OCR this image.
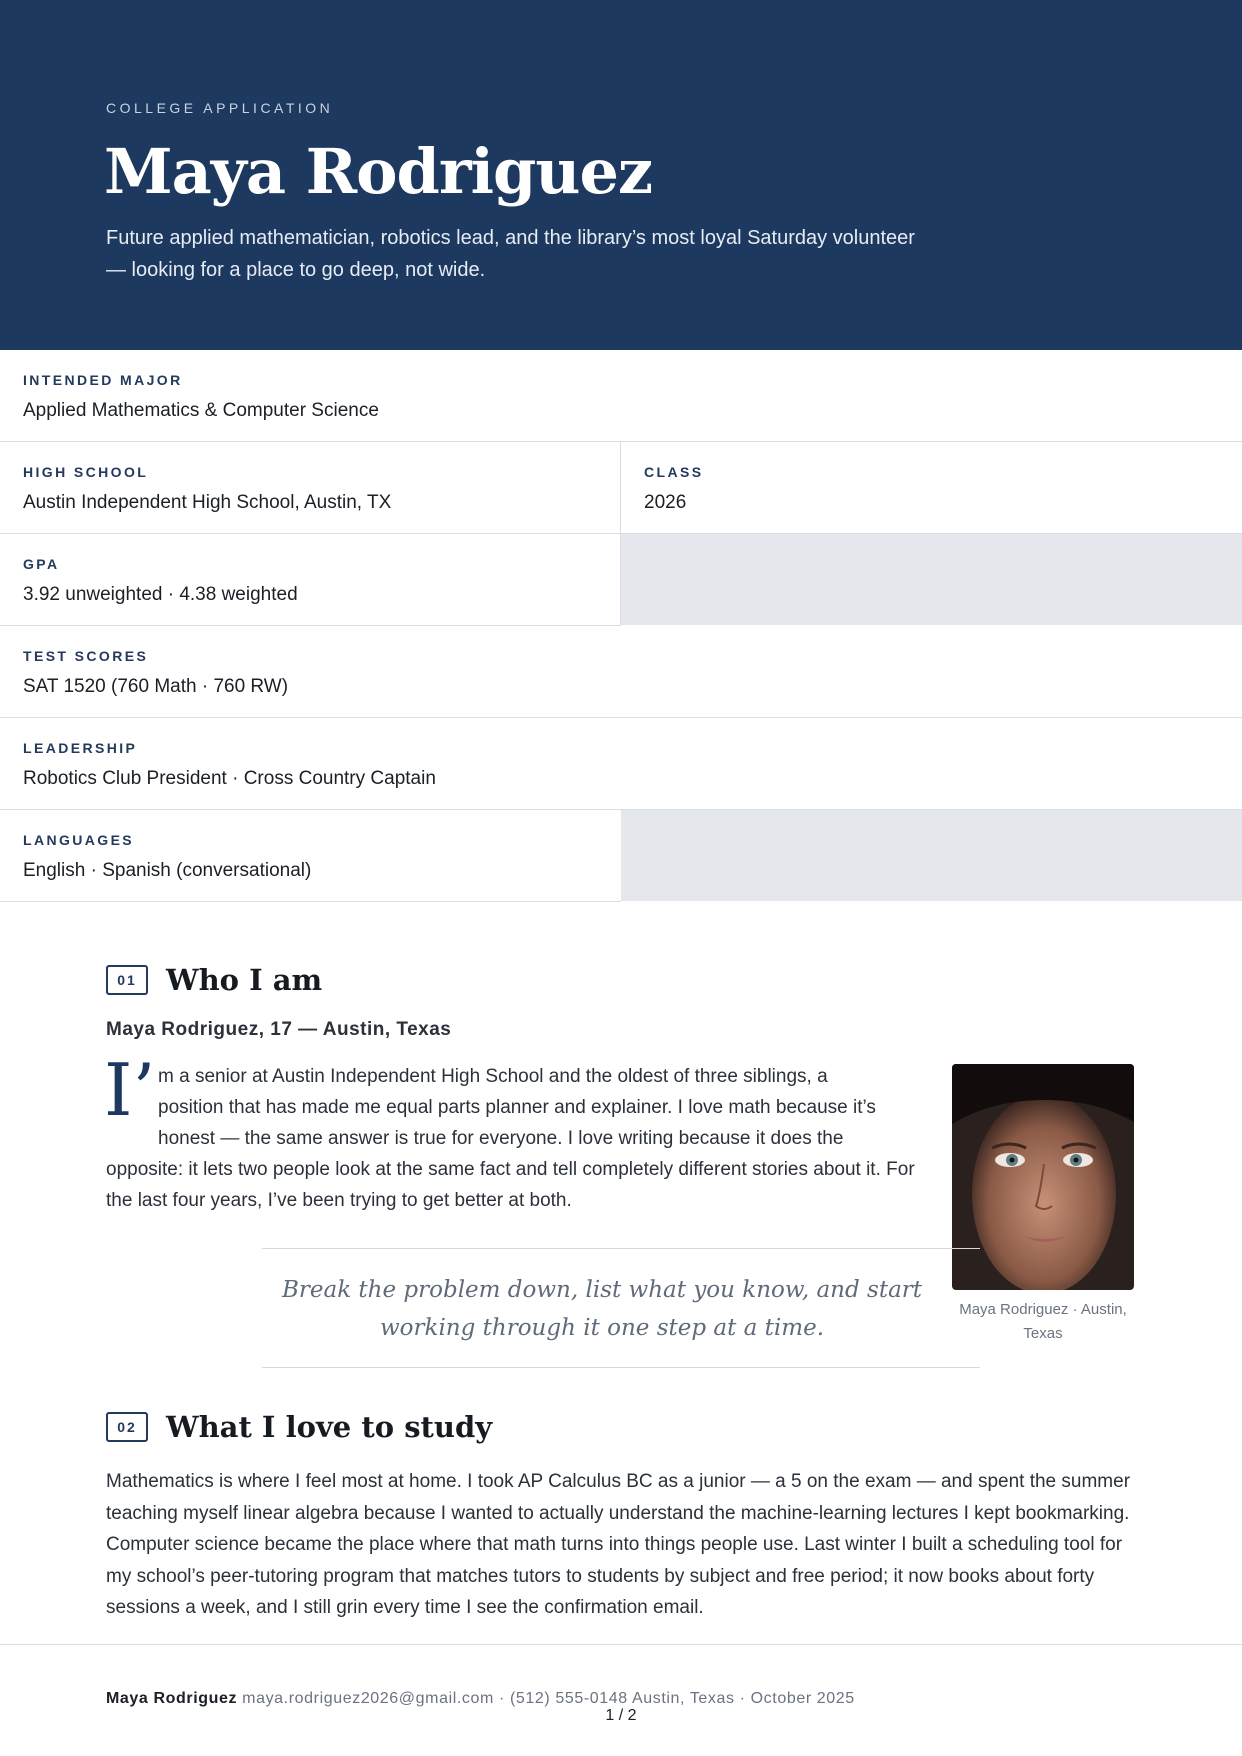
COLLEGE APPLICATION
Maya Rodriguez

Future applied mathematician, robotics lead, and the library’s most loyal Saturday volunteer — looking for a place to go deep, not wide.

INTENDED MAJOR
Applied Mathematics & Computer Science
HIGH SCHOOL
Austin Independent High School, Austin, TX
CLASS
2026
GPA
3.92 unweighted · 4.38 weighted
TEST SCORES
SAT 1520 (760 Math · 760 RW)
LEADERSHIP
Robotics Club President · Cross Country Captain
LANGUAGES
English · Spanish (conversational)
01	Who I am
Maya Rodriguez, 17 — Austin, Texas
I’ m a senior at Austin Independent High School and the oldest of three siblings, a
position that has made me equal parts planner and explainer. I love math because it’s
honest — the same answer is true for everyone. I love writing because it does the

opposite: it lets two people look at the same fact and tell completely different stories about it. For the last four years, I’ve been trying to get better at both.

Maya Rodriguez · Austin, Texas

Break the problem down, list what you know, and start working through it one step at a time.

02	What I love to study

Mathematics is where I feel most at home. I took AP Calculus BC as a junior — a 5 on the exam — and spent the summer teaching myself linear algebra because I wanted to actually understand the machine-learning lectures I kept bookmarking. Computer science became the place where that math turns into things people use. Last winter I built a scheduling tool for my school’s peer-tutoring program that matches tutors to students by subject and free period; it now books about forty sessions a week, and I still grin every time I see the confirmation email.

Maya Rodriguez maya.rodriguez2026@gmail.com · (512) 555-0148 Austin, Texas · October 2025
1 / 2
